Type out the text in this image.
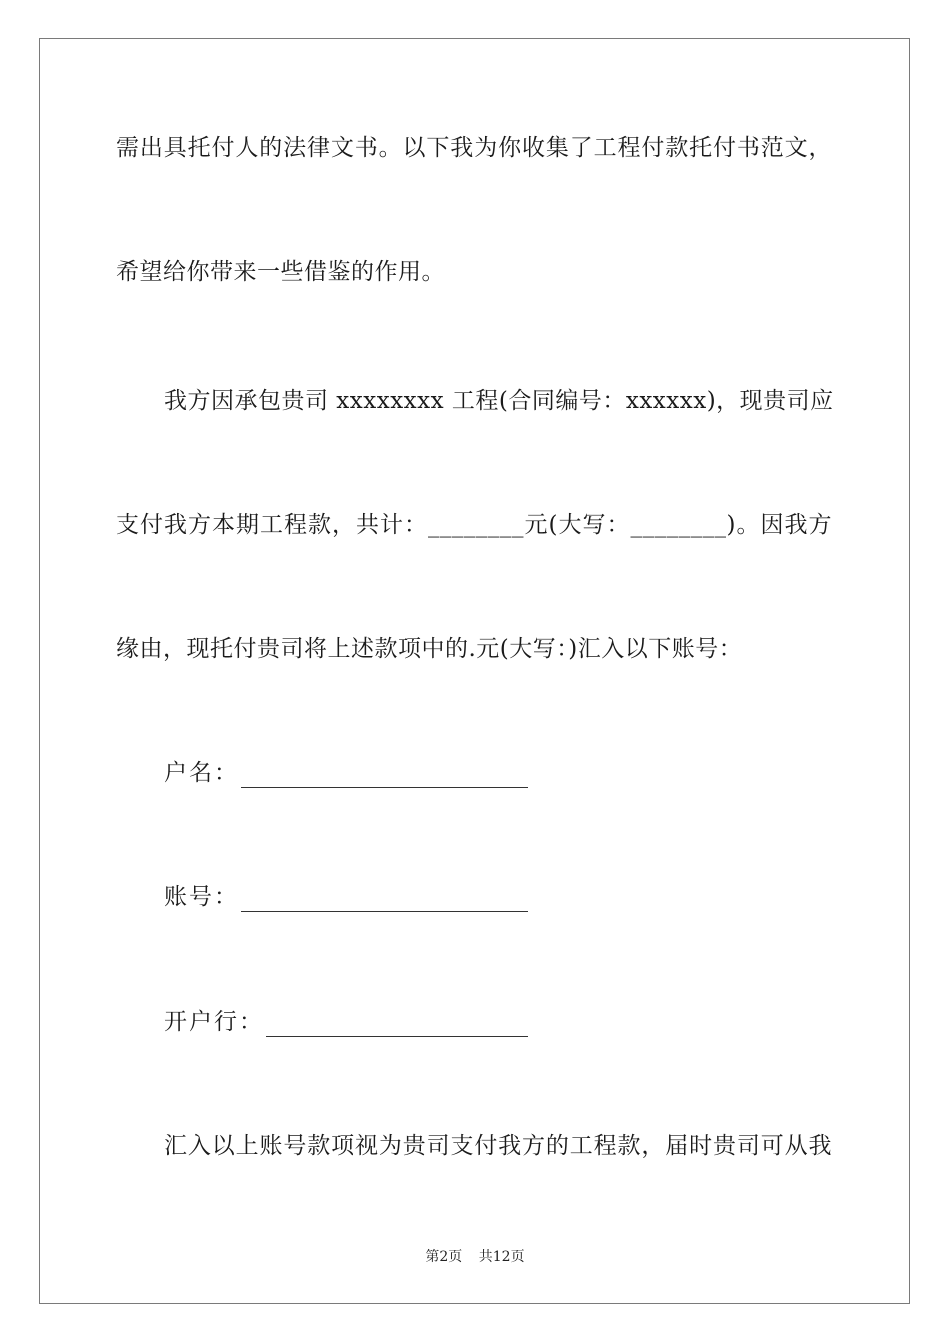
需出具托付人的法律文书。以下我为你收集了工程付款托付书范文，
希望给你带来一些借鉴的作用。
我方因承包贵司 xxxxxxxx 工程(合同编号：xxxxxx)，现贵司应
支付我方本期工程款，共计：________元(大写：________)。因我方
缘由，现托付贵司将上述款项中的.元(大写：)汇入以下账号：
户名：
账号：
开户行：
汇入以上账号款项视为贵司支付我方的工程款，届时贵司可从我
第2页 共12页
